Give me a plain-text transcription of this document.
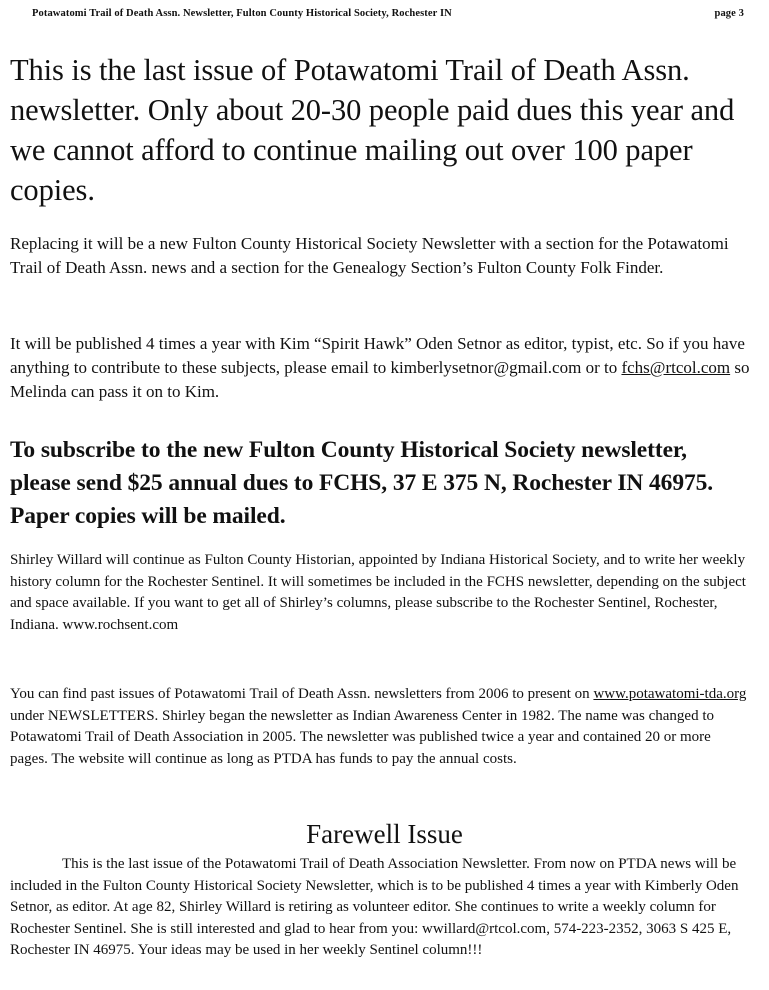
Potawatomi Trail of Death Assn. Newsletter, Fulton County Historical Society, Rochester IN	page 3
This is the last issue of Potawatomi Trail of Death Assn. newsletter. Only about 20-30 people paid dues this year and we cannot afford to continue mailing out over 100 paper copies.
Replacing it will be a new Fulton County Historical Society Newsletter with a section for the Potawatomi Trail of Death Assn. news and a section for the Genealogy Section’s Fulton County Folk Finder.
It will be published 4 times a year with Kim “Spirit Hawk” Oden Setnor as editor, typist, etc. So if you have anything to contribute to these subjects, please email to kimberlysetnor@gmail.com or to fchs@rtcol.com so Melinda can pass it on to Kim.
To subscribe to the new Fulton County Historical Society newsletter, please send $25 annual dues to FCHS, 37 E 375 N, Rochester IN 46975. Paper copies will be mailed.
Shirley Willard will continue as Fulton County Historian, appointed by Indiana Historical Society, and to write her weekly history column for the Rochester Sentinel. It will sometimes be included in the FCHS newsletter, depending on the subject and space available. If you want to get all of Shirley’s columns, please subscribe to the Rochester Sentinel, Rochester, Indiana. www.rochsent.com
You can find past issues of Potawatomi Trail of Death Assn. newsletters from 2006 to present on www.potawatomi-tda.org under NEWSLETTERS. Shirley began the newsletter as Indian Awareness Center in 1982. The name was changed to Potawatomi Trail of Death Association in 2005. The newsletter was published twice a year and contained 20 or more pages. The website will continue as long as PTDA has funds to pay the annual costs.
Farewell Issue
This is the last issue of the Potawatomi Trail of Death Association Newsletter. From now on PTDA news will be included in the Fulton County Historical Society Newsletter, which is to be published 4 times a year with Kimberly Oden Setnor, as editor. At age 82, Shirley Willard is retiring as volunteer editor. She continues to write a weekly column for Rochester Sentinel. She is still interested and glad to hear from you: wwillard@rtcol.com, 574-223-2352, 3063 S 425 E, Rochester IN 46975. Your ideas may be used in her weekly Sentinel column!!!
